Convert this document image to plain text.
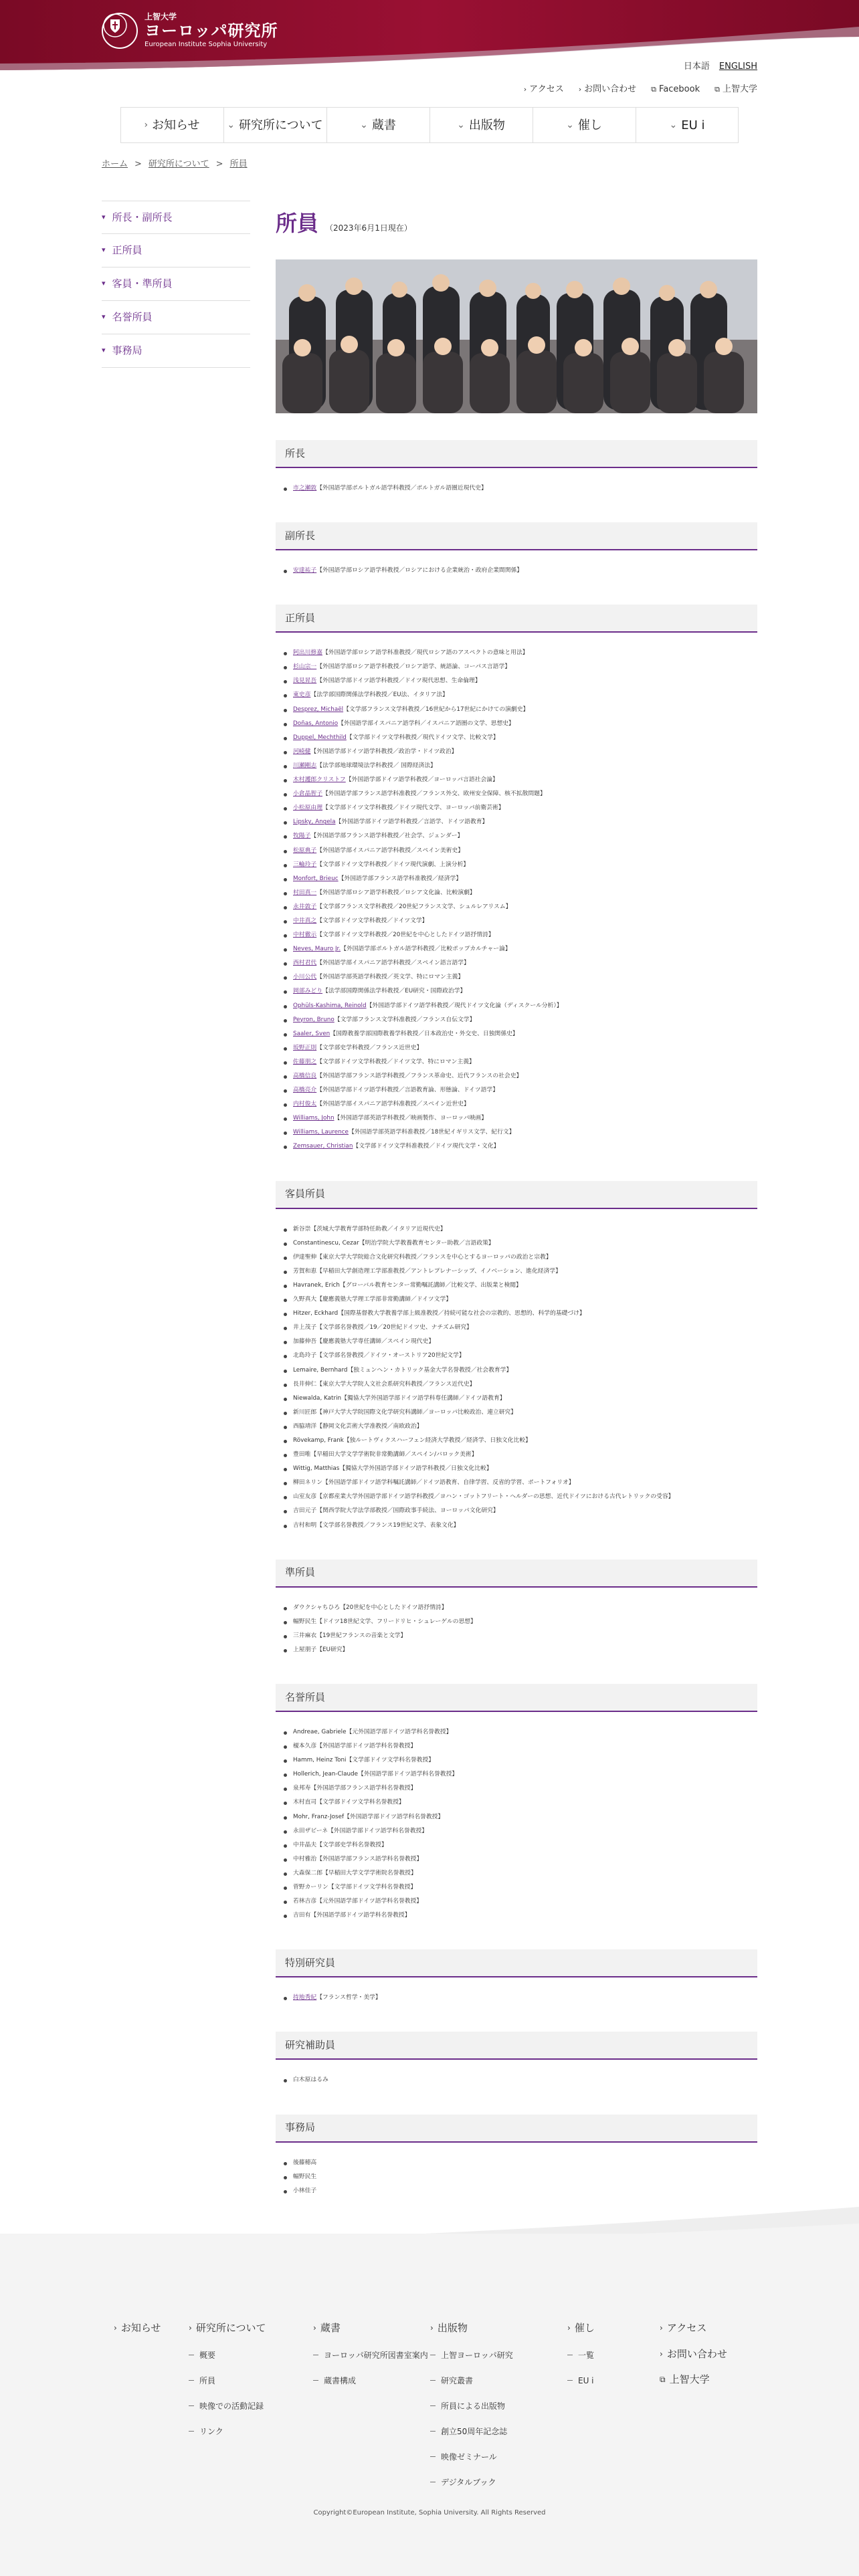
上智大学
ヨーロッパ研究所
European Institute Sophia University
日本語 ENGLISH
› アクセス › お問い合わせ ⧉ Facebook ⧉ 上智大学
› お知らせ	⌄ 研究所について	⌄ 蔵書	⌄ 出版物	⌄ 催し	⌄ EU i
ホーム > 研究所について > 所員
▾ 所長・副所長
▾ 正所員
▾ 客員・準所員
▾ 名誉所員
▾ 事務局
所員 （2023年6月1日現在）
所長
市之瀬敦【外国語学部ポルトガル語学科教授／ポルトガル語圏近現代史】
副所長
安達祐子【外国語学部ロシア語学科教授／ロシアにおける企業統治・政府企業間関係】
正所員
阿出川修嘉【外国語学部ロシア語学科准教授／現代ロシア語のアスペクトの意味と用法】
杉山宗一【外国語学部ロシア語学科教授／ロシア語学、統語論、コーパス言語学】
浅見昇吾【外国語学部ドイツ語学科教授／ドイツ現代思想、生命倫理】
東史彦【法学部国際関係法学科教授／EU法、イタリア法】
Desprez, Michaël【文学部フランス文学科教授／16世紀から17世紀にかけての演劇史】
Doñas, Antonio【外国語学部イスパニア語学科／イスパニア語圏の文学、思想史】
Duppel, Mechthild【文学部ドイツ文学科教授／現代ドイツ文学、比較文学】
河崎健【外国語学部ドイツ語学科教授／政治学・ドイツ政治】
川瀬剛志【法学部地球環境法学科教授／ 国際経済法】
木村護郎クリストフ【外国語学部ドイツ語学科教授／ヨーロッパ言語社会論】
小倉晶智子【外国語学部フランス語学科准教授／フランス外交、欧州安全保障、核不拡散問題】
小松原由理【文学部ドイツ文学科教授／ドイツ現代文学、ヨーロッパ前衛芸術】
Lipsky, Angela【外国語学部ドイツ語学科教授／言語学、ドイツ語教育】
牧陽子【外国語学部フランス語学科教授／社会学、ジェンダー】
松原典子【外国語学部イスパニア語学科教授／スペイン美術史】
三輪玲子【文学部ドイツ文学科教授／ドイツ現代演劇、上演分析】
Monfort, Brieuc【外国語学部フランス語学科准教授／経済学】
村田真一【外国語学部ロシア語学科教授／ロシア文化論、比較演劇】
永井敦子【文学部フランス文学科教授／20世紀フランス文学、シュルレアリスム】
中井真之【文学部ドイツ文学科教授／ドイツ文学】
中村徹示【文学部ドイツ文学科教授／20世紀を中心としたドイツ語抒情詩】
Neves, Mauro Jr.【外国語学部ポルトガル語学科教授／比較ポップカルチャー論】
西村君代【外国語学部イスパニア語学科教授／スペイン語言語学】
小川公代【外国語学部英語学科教授／英文学、特にロマン主義】
岡部みどり【法学部国際関係法学科教授／EU研究・国際政治学】
Ophüls-Kashima, Reinold【外国語学部ドイツ語学科教授／現代ドイツ文化論（ディスクール分析）】
Peyron, Bruno【文学部フランス文学科准教授／フランス自伝文学】
Saaler, Sven【国際教養学部国際教養学科教授／日本政治史・外交史、日独関係史】
坂野正則【文学部史学科教授／フランス近世史】
佐藤朋之【文学部ドイツ文学科教授／ドイツ文学、特にロマン主義】
高橋信良【外国語学部フランス語学科教授／フランス革命史、近代フランスの社会史】
高橋亮介【外国語学部ドイツ語学科教授／言語教育論、形態論、ドイツ語学】
内村俊太【外国語学部イスパニア語学科准教授／スペイン近世史】
Williams, John【外国語学部英語学科教授／映画製作、ヨーロッパ映画】
Williams, Laurence【外国語学部英語学科准教授／18世紀イギリス文学、紀行文】
Zemsauer, Christian【文学部ドイツ文学科准教授／ドイツ現代文学・文化】
客員所員
新谷崇【茨城大学教育学部特任助教／イタリア近現代史】
Constantinescu, Cezar【明治学院大学教養教育センター助教／言語政策】
伊達聖伸【東京大学大学院総合文化研究科教授／フランスを中心とするヨーロッパの政治と宗教】
芳賀和恵【早稲田大学創造理工学部准教授／アントレプレナーシップ、イノベーション、進化経済学】
Havranek, Erich【グローバル教育センター常勤嘱託講師／比較文学、出版業と検閲】
久野真大【慶應義塾大学理工学部非常勤講師／ドイツ文学】
Hitzer, Eckhard【国際基督教大学教養学部上級准教授／持続可能な社会の宗教的、思想的、科学的基礎づけ】
井上茂子【文学部名誉教授／19／20世紀ドイツ史、ナチズム研究】
加藤伸吾【慶應義塾大学専任講師／スペイン現代史】
北島玲子【文学部名誉教授／ドイツ・オーストリア20世紀文学】
Lemaire, Bernhard【独ミュンヘン・カトリック基金大学名誉教授／社会教育学】
長井伸仁【東京大学大学院人文社会系研究科教授／フランス近代史】
Niewalda, Katrin【獨協大学外国語学部ドイツ語学科専任講師／ドイツ語教育】
新川匠郎【神戸大学大学院国際文化学研究科講師／ヨーロッパ比較政治、連立研究】
西脇靖洋【静岡文化芸術大学准教授／南欧政治】
Rövekamp, Frank【独ルートヴィクスハーフェン経済大学教授／経済学、日独文化比較】
豊田唯【早稲田大学文学学術院非常勤講師／スペイン/バロック美術】
Wittig, Matthias【獨協大学外国語学部ドイツ語学科教授／日独文化比較】
柳田ネリン【外国語学部ドイツ語学科嘱託講師／ドイツ語教育、自律学習、反省的学習、ポートフォリオ】
山室友彦【京都産業大学外国語学部ドイツ語学科教授／ヨハン・ゴットフリート・ヘルダーの思想、近代ドイツにおける古代レトリックの受容】
吉田元子【関西学院大学法学部教授／国際政事手続法、ヨーロッパ文化研究】
吉村和明【文学部名誉教授／フランス19世紀文学、表象文化】
準所員
ダウクシャちひろ【20世紀を中心としたドイツ語抒情詩】
幅野民生【ドイツ18世紀文学、フリードリヒ・シュレーゲルの思想】
三井麻衣【19世紀フランスの音楽と文学】
上屋朋子【EU研究】
名誉所員
Andreae, Gabriele【元外国語学部ドイツ語学科名誉教授】
榎本久彦【外国語学部ドイツ語学科名誉教授】
Hamm, Heinz Toni【文学部ドイツ文学科名誉教授】
Hollerich, Jean-Claude【外国語学部ドイツ語学科名誉教授】
泉邦寿【外国語学部フランス語学科名誉教授】
木村直司【文学部ドイツ文学科名誉教授】
Mohr, Franz-Josef【外国語学部ドイツ語学科名誉教授】
永田ザビーネ【外国語学部ドイツ語学科名誉教授】
中井晶夫【文学部史学科名誉教授】
中村雅治【外国語学部フランス語学科名誉教授】
大森保二郎【早稲田大学文学学術院名誉教授】
菅野カーリン【文学部ドイツ文学科名誉教授】
若林吉彦【元外国語学部ドイツ語学科名誉教授】
吉田有【外国語学部ドイツ語学科名誉教授】
特別研究員
持地秀紀【フランス哲学・美学】
研究補助員
白木原はるみ
事務局
後藤穂高
幅野民生
小林佳子
› お知らせ	› 研究所について
概要
所員
映像での活動記録
リンク
› 蔵書
ヨーロッパ研究所図書室案内
蔵書構成
› 出版物
上智ヨーロッパ研究
研究叢書
所員による出版物
創立50周年記念誌
映像ゼミナール
デジタルブック
› 催し
一覧
EU i
› アクセス
› お問い合わせ
⧉ 上智大学
Copyright©European Institute, Sophia University. All Rights Reserved
